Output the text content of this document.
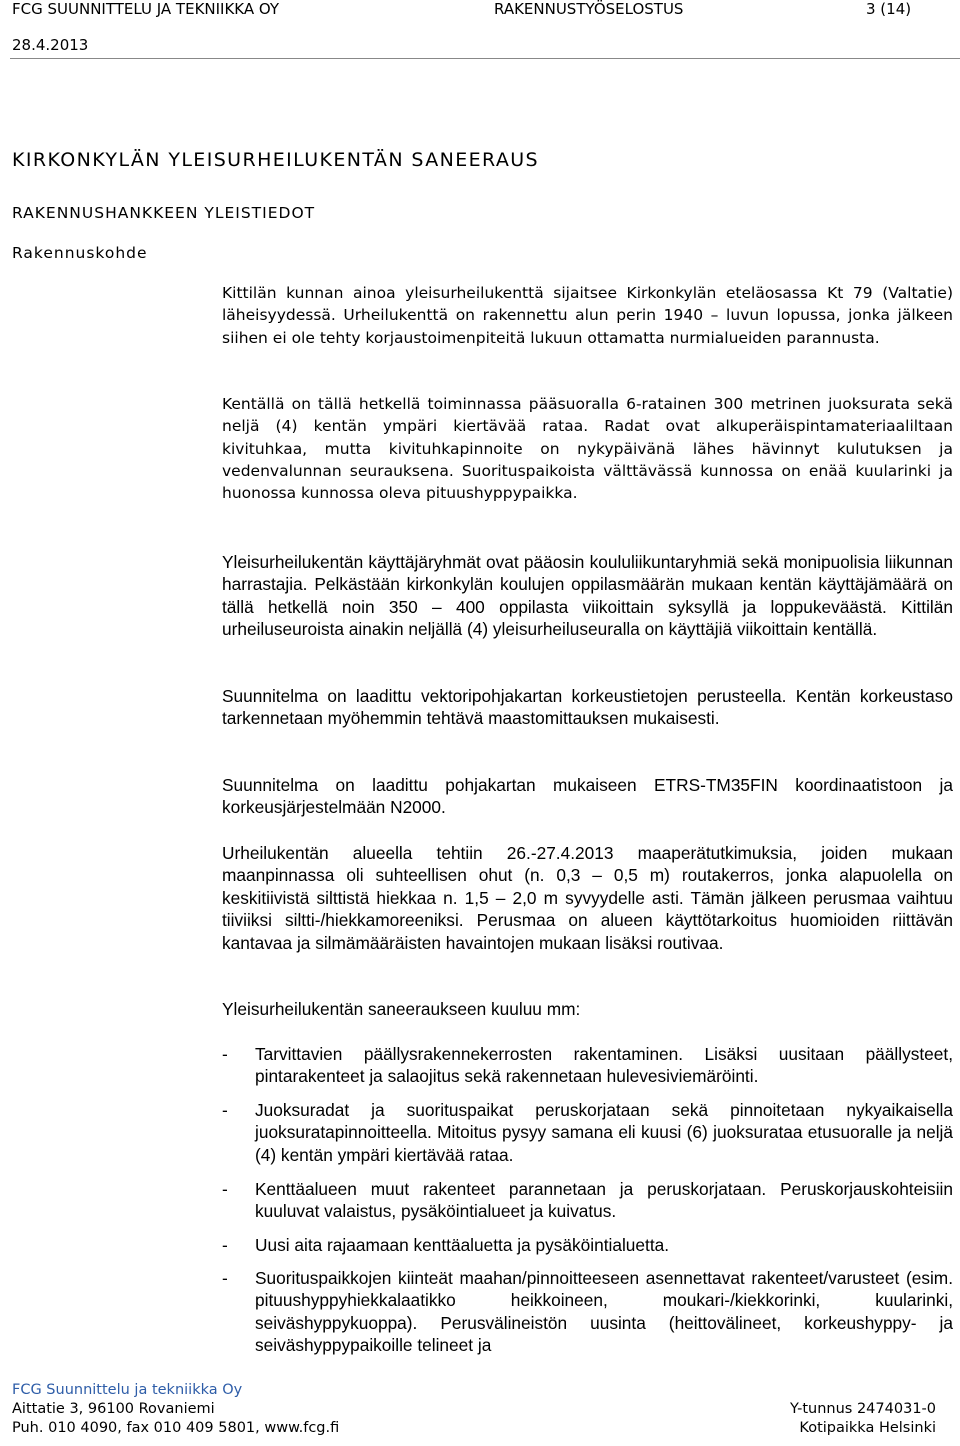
FCG SUUNNITTELU JA TEKNIIKKA OY	RAKENNUSTYÖSELOSTUS	3 (14)
28.4.2013
KIRKONKYLÄN YLEISURHEILUKENTÄN SANEERAUS
RAKENNUSHANKKEEN YLEISTIEDOT
Rakennuskohde

Kittilän kunnan ainoa yleisurheilukenttä sijaitsee Kirkonkylän eteläosassa Kt 79 (Valtatie) läheisyydessä. Urheilukenttä on rakennettu alun perin 1940 – luvun lopussa, jonka jälkeen siihen ei ole tehty korjaustoimenpiteitä lukuun ottamatta nurmialueiden parannusta.

Kentällä on tällä hetkellä toiminnassa pääsuoralla 6-ratainen 300 metrinen juoksurata sekä neljä (4) kentän ympäri kiertävää rataa. Radat ovat alkuperäispintamateriaaliltaan kivituhkaa, mutta kivituhkapinnoite on nykypäivänä lähes hävinnyt kulutuksen ja vedenvalunnan seurauksena. Suorituspaikoista välttävässä kunnossa on enää kuularinki ja huonossa kunnossa oleva pituushyppypaikka.

Yleisurheilukentän käyttäjäryhmät ovat pääosin koululiikuntaryhmiä sekä monipuolisia liikunnan harrastajia. Pelkästään kirkonkylän koulujen oppilasmäärän mukaan kentän käyttäjämäärä on tällä hetkellä noin 350 – 400 oppilasta viikoittain syksyllä ja loppukeväästä. Kittilän urheiluseuroista ainakin neljällä (4) yleisurheiluseuralla on käyttäjiä viikoittain kentällä.

Suunnitelma on laadittu vektoripohjakartan korkeustietojen perusteella. Kentän korkeustaso tarkennetaan myöhemmin tehtävä maastomittauksen mukaisesti.

Suunnitelma on laadittu pohjakartan mukaiseen ETRS-TM35FIN koordinaatistoon ja korkeusjärjestelmään N2000.

Urheilukentän alueella tehtiin 26.-27.4.2013 maaperätutkimuksia, joiden mukaan maanpinnassa oli suhteellisen ohut (n. 0,3 – 0,5 m) routakerros, jonka alapuolella on keskitiivistä silttistä hiekkaa n. 1,5 – 2,0 m syvyydelle asti. Tämän jälkeen perusmaa vaihtuu tiiviiksi siltti-/hiekkamoreeniksi. Perusmaa on alueen käyttötarkoitus huomioiden riittävän kantavaa ja silmämääräisten havaintojen mukaan lisäksi routivaa.

Yleisurheilukentän saneeraukseen kuuluu mm:

- Tarvittavien päällysrakennekerrosten rakentaminen. Lisäksi uusitaan päällysteet, pintarakenteet ja salaojitus sekä rakennetaan hulevesiviemäröinti.
- Juoksuradat ja suorituspaikat peruskorjataan sekä pinnoitetaan nykyaikaisella juoksuratapinnoitteella. Mitoitus pysyy samana eli kuusi (6) juoksurataa etusuoralle ja neljä (4) kentän ympäri kiertävää rataa.
- Kenttäalueen muut rakenteet parannetaan ja peruskorjataan. Peruskorjauskohteisiin kuuluvat valaistus, pysäköintialueet ja kuivatus.
- Uusi aita rajaamaan kenttäaluetta ja pysäköintialuetta.
- Suorituspaikkojen kiinteät maahan/pinnoitteeseen asennettavat rakenteet/varusteet (esim. pituushyppyhiekkalaatikko heikkoineen, moukari-/kiekkorinki, kuularinki, seiväshyppykuoppa). Perusvälineistön uusinta (heittovälineet, korkeushyppy- ja seiväshyppypaikoille telineet ja
FCG Suunnittelu ja tekniikka Oy
Aittatie 3, 96100 Rovaniemi
Puh. 010 4090, fax 010 409 5801, www.fcg.fi
Y-tunnus 2474031-0
Kotipaikka Helsinki
